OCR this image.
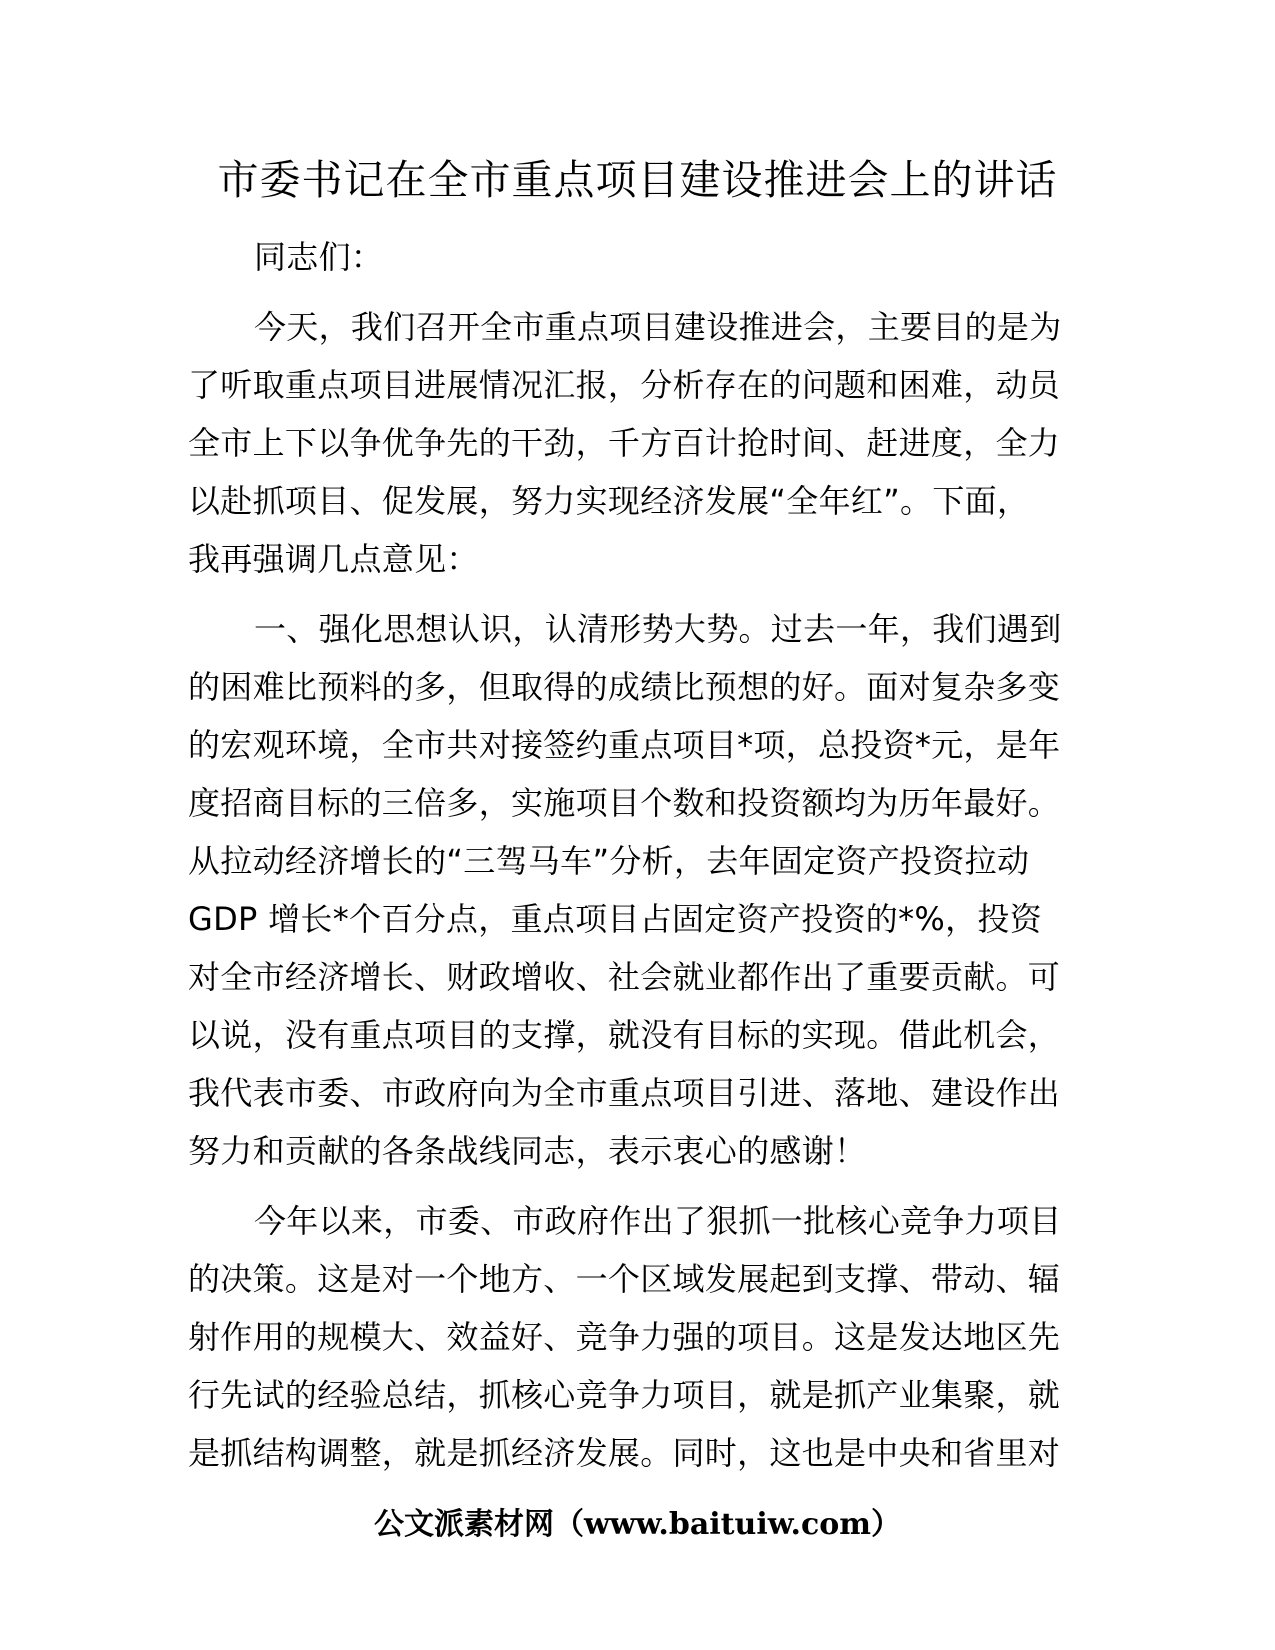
市委书记在全市重点项目建设推进会上的讲话
同志们：
今天，我们召开全市重点项目建设推进会，主要目的是为
了听取重点项目进展情况汇报，分析存在的问题和困难，动员
全市上下以争优争先的干劲，千方百计抢时间、赶进度，全力
以赴抓项目、促发展，努力实现经济发展“全年红”。下面，
我再强调几点意见：
一、强化思想认识，认清形势大势。过去一年，我们遇到
的困难比预料的多，但取得的成绩比预想的好。面对复杂多变
的宏观环境，全市共对接签约重点项目*项，总投资*元，是年
度招商目标的三倍多，实施项目个数和投资额均为历年最好。
从拉动经济增长的“三驾马车”分析，去年固定资产投资拉动
GDP 增长*个百分点，重点项目占固定资产投资的*%，投资
对全市经济增长、财政增收、社会就业都作出了重要贡献。可
以说，没有重点项目的支撑，就没有目标的实现。借此机会，
我代表市委、市政府向为全市重点项目引进、落地、建设作出
努力和贡献的各条战线同志，表示衷心的感谢！
今年以来，市委、市政府作出了狠抓一批核心竞争力项目
的决策。这是对一个地方、一个区域发展起到支撑、带动、辐
射作用的规模大、效益好、竞争力强的项目。这是发达地区先
行先试的经验总结，抓核心竞争力项目，就是抓产业集聚，就
是抓结构调整，就是抓经济发展。同时，这也是中央和省里对
公文派素材网（www.baituiw.com）
